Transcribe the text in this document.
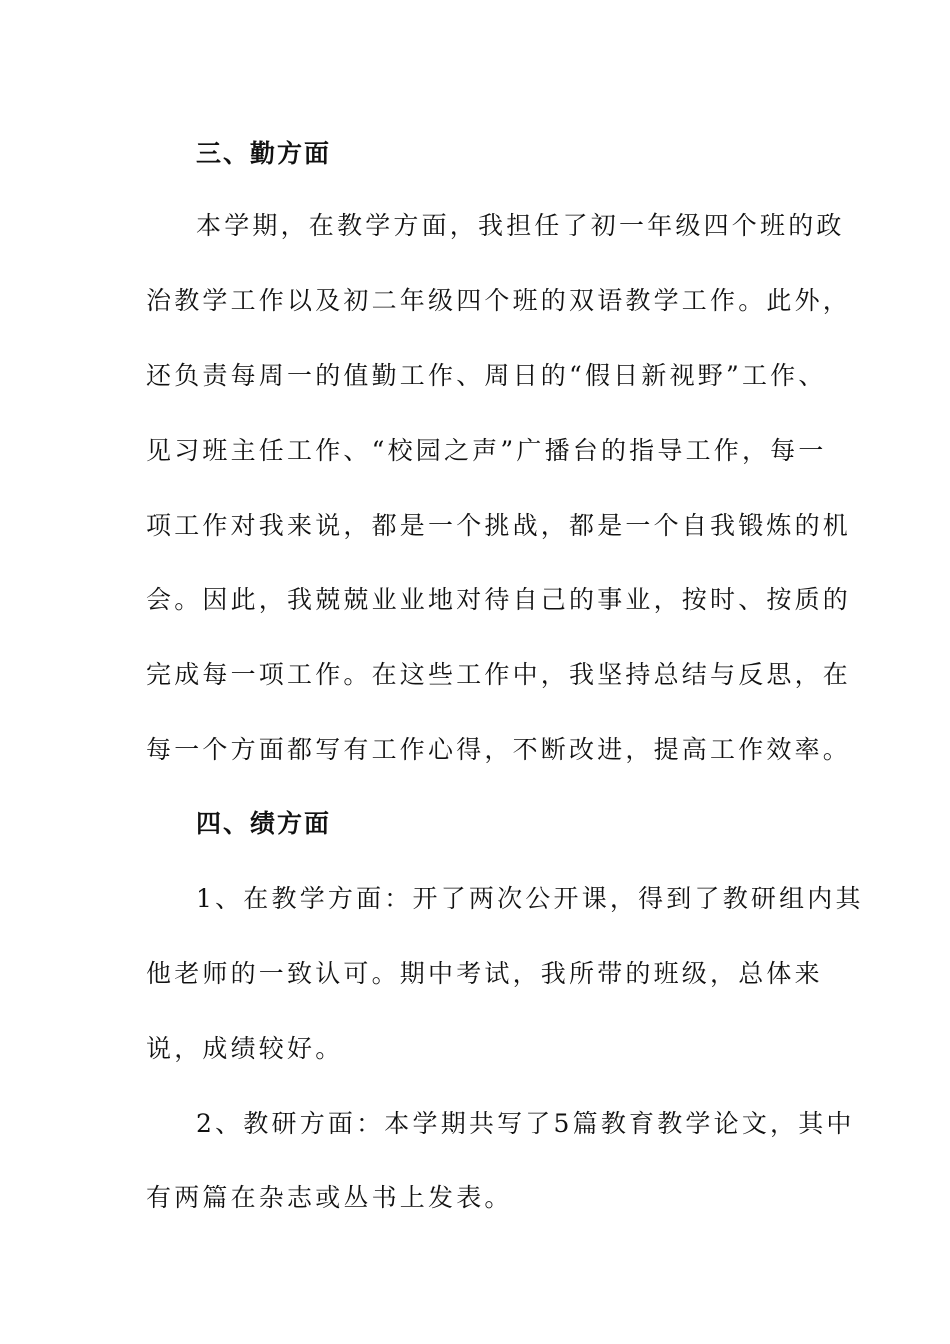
三、勤方面
本学期，在教学方面，我担任了初一年级四个班的政
治教学工作以及初二年级四个班的双语教学工作。此外，
还负责每周一的值勤工作、周日的“假日新视野”工作、
见习班主任工作、“校园之声”广播台的指导工作，每一
项工作对我来说，都是一个挑战，都是一个自我锻炼的机
会。因此，我兢兢业业地对待自己的事业，按时、按质的
完成每一项工作。在这些工作中，我坚持总结与反思，在
每一个方面都写有工作心得，不断改进，提高工作效率。
四、绩方面
1、在教学方面：开了两次公开课，得到了教研组内其
他老师的一致认可。期中考试，我所带的班级，总体来
说，成绩较好。
2、教研方面：本学期共写了5篇教育教学论文，其中
有两篇在杂志或丛书上发表。
